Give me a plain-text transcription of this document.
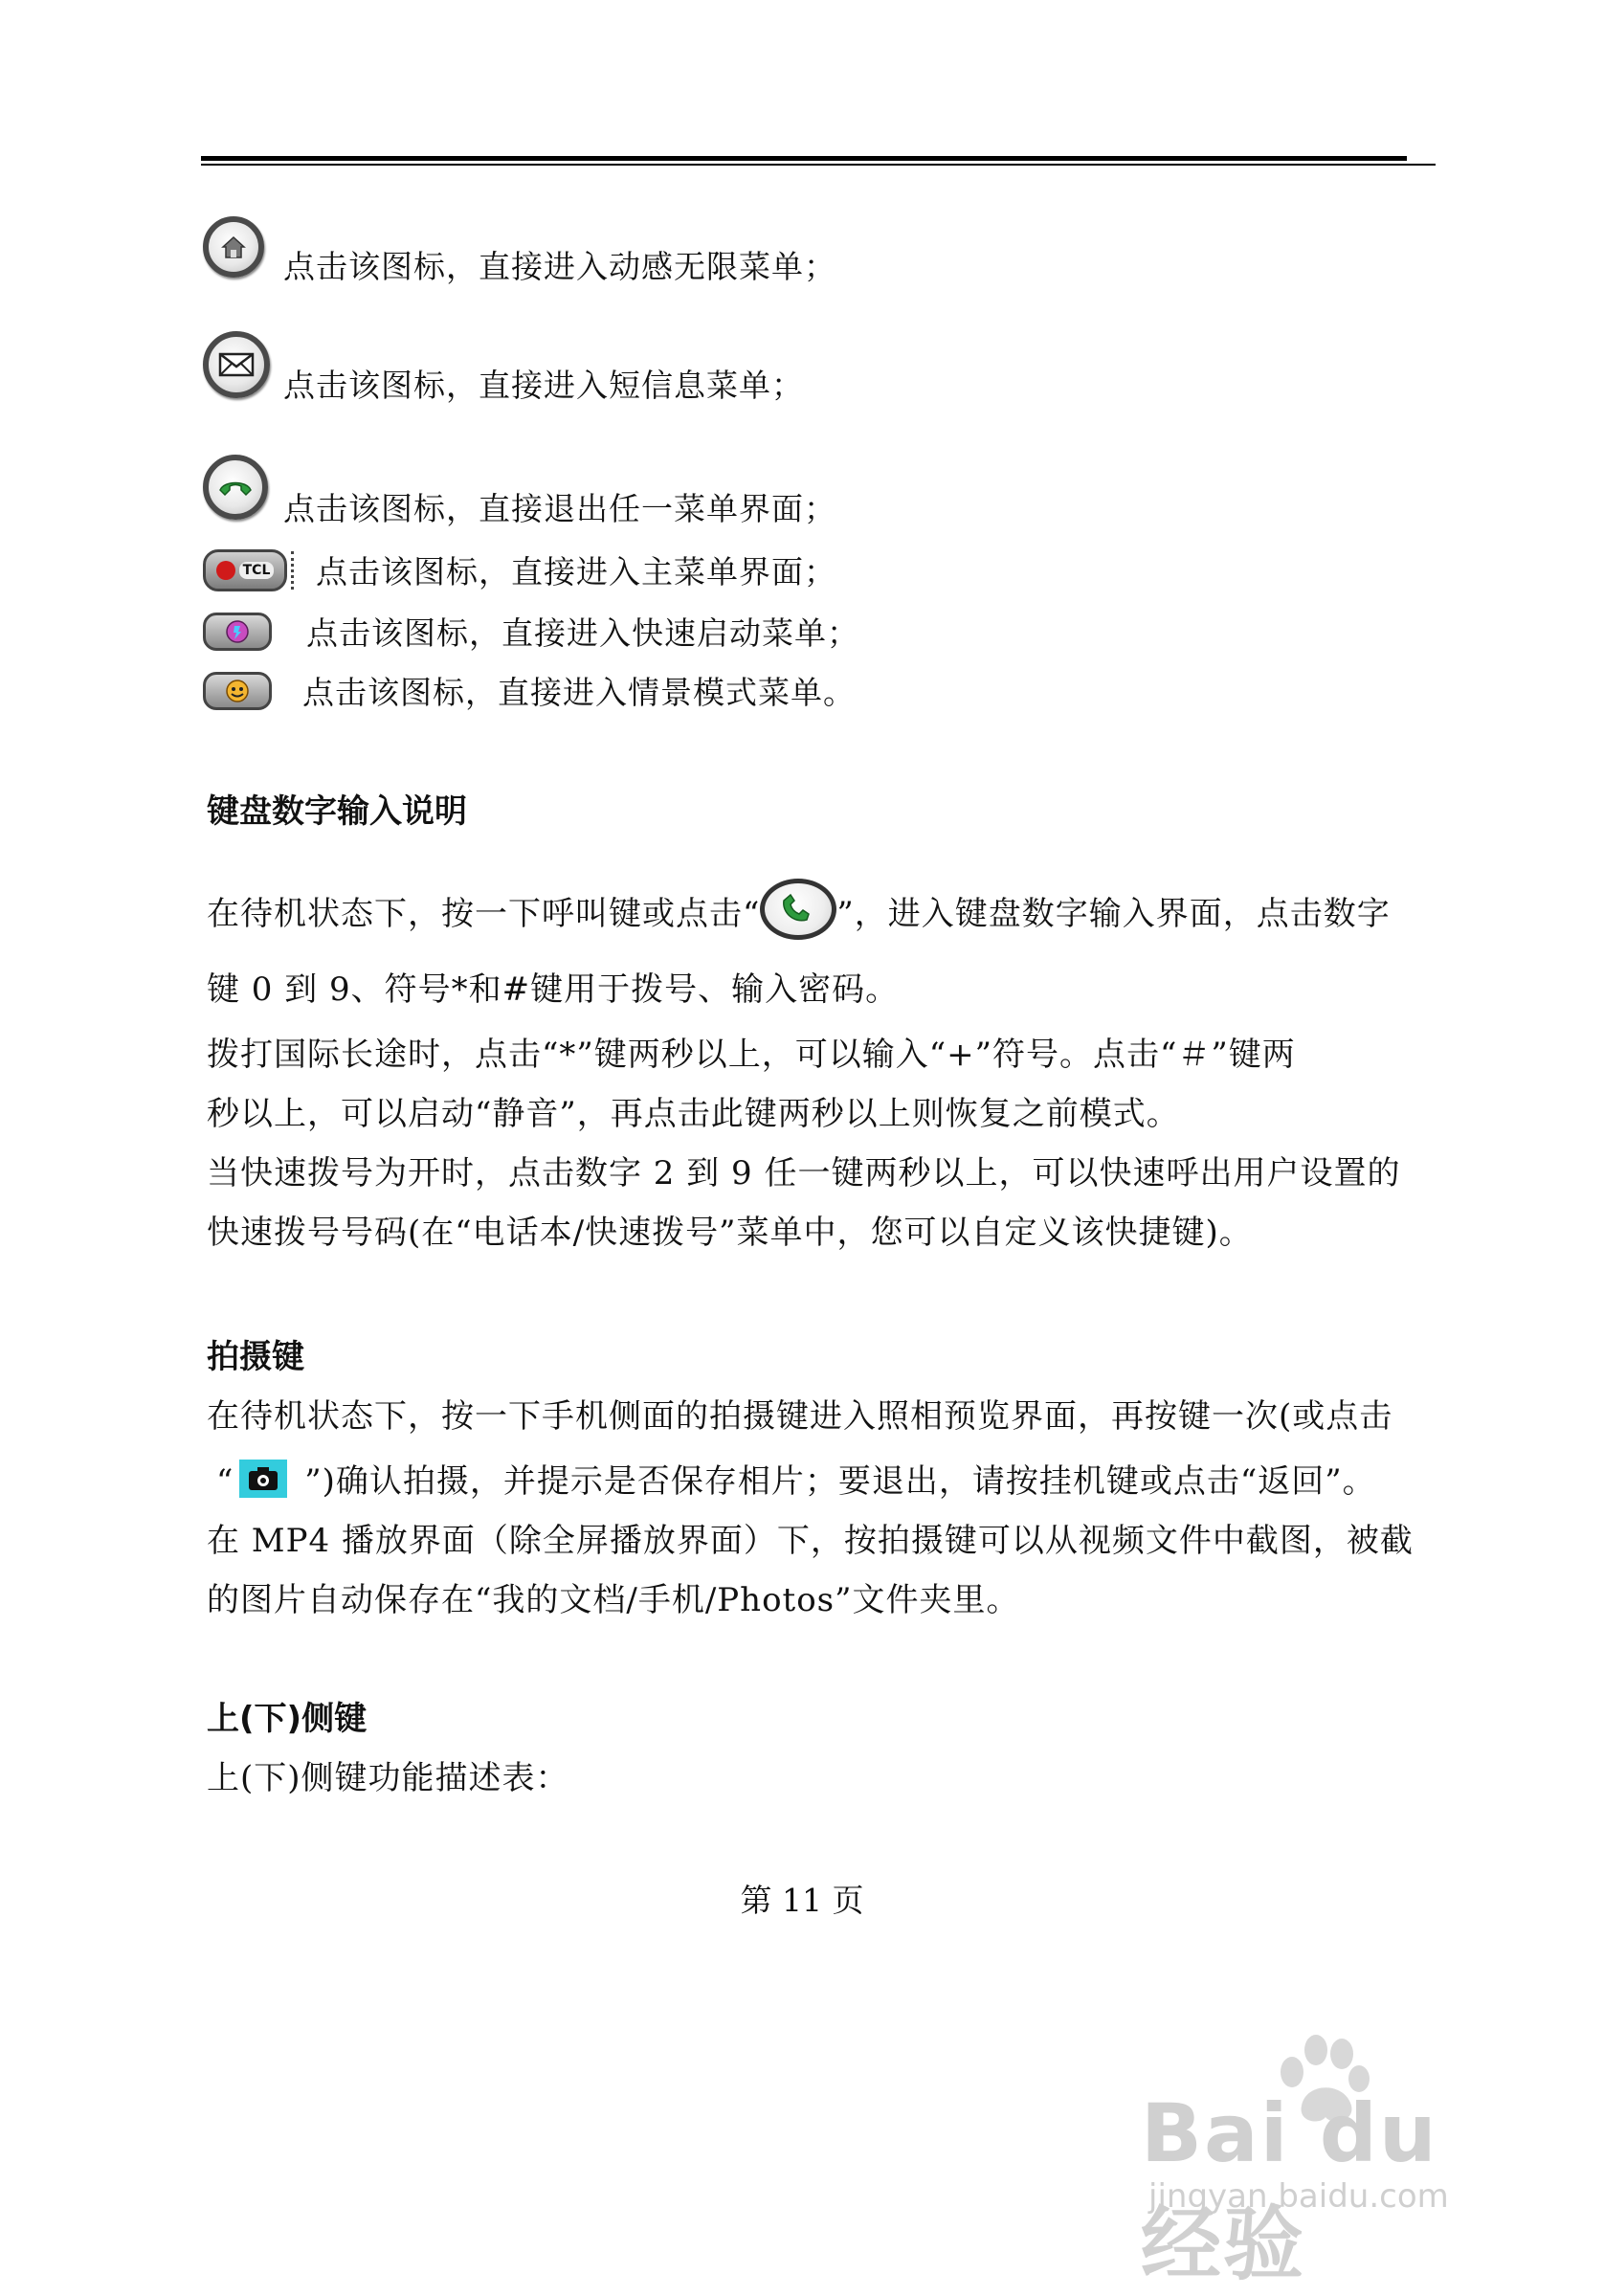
点击该图标，直接进入动感无限菜单；
点击该图标，直接进入短信息菜单；
点击该图标，直接退出任一菜单界面；
TCL 点击该图标，直接进入主菜单界面；
点击该图标，直接进入快速启动菜单；
点击该图标，直接进入情景模式菜单。
键盘数字输入说明
在待机状态下，按一下呼叫键或点击“ ”，进入键盘数字输入界面，点击数字
键 0 到 9、符号*和#键用于拨号、输入密码。
拨打国际长途时，点击“*”键两秒以上，可以输入“+”符号。点击“＃”键两
秒以上，可以启动“静音”，再点击此键两秒以上则恢复之前模式。
当快速拨号为开时，点击数字 2 到 9 任一键两秒以上，可以快速呼出用户设置的
快速拨号号码(在“电话本/快速拨号”菜单中，您可以自定义该快捷键)。
拍摄键
在待机状态下，按一下手机侧面的拍摄键进入照相预览界面，再按键一次(或点击
“
”)确认拍摄，并提示是否保存相片；要退出，请按挂机键或点击“返回”。
在 MP4 播放界面（除全屏播放界面）下，按拍摄键可以从视频文件中截图，被截
的图片自动保存在“我的文档/手机/Photos”文件夹里。
上(下)侧键
上(下)侧键功能描述表：
第 11 页
Bai du 经验
jingyan.baidu.com
